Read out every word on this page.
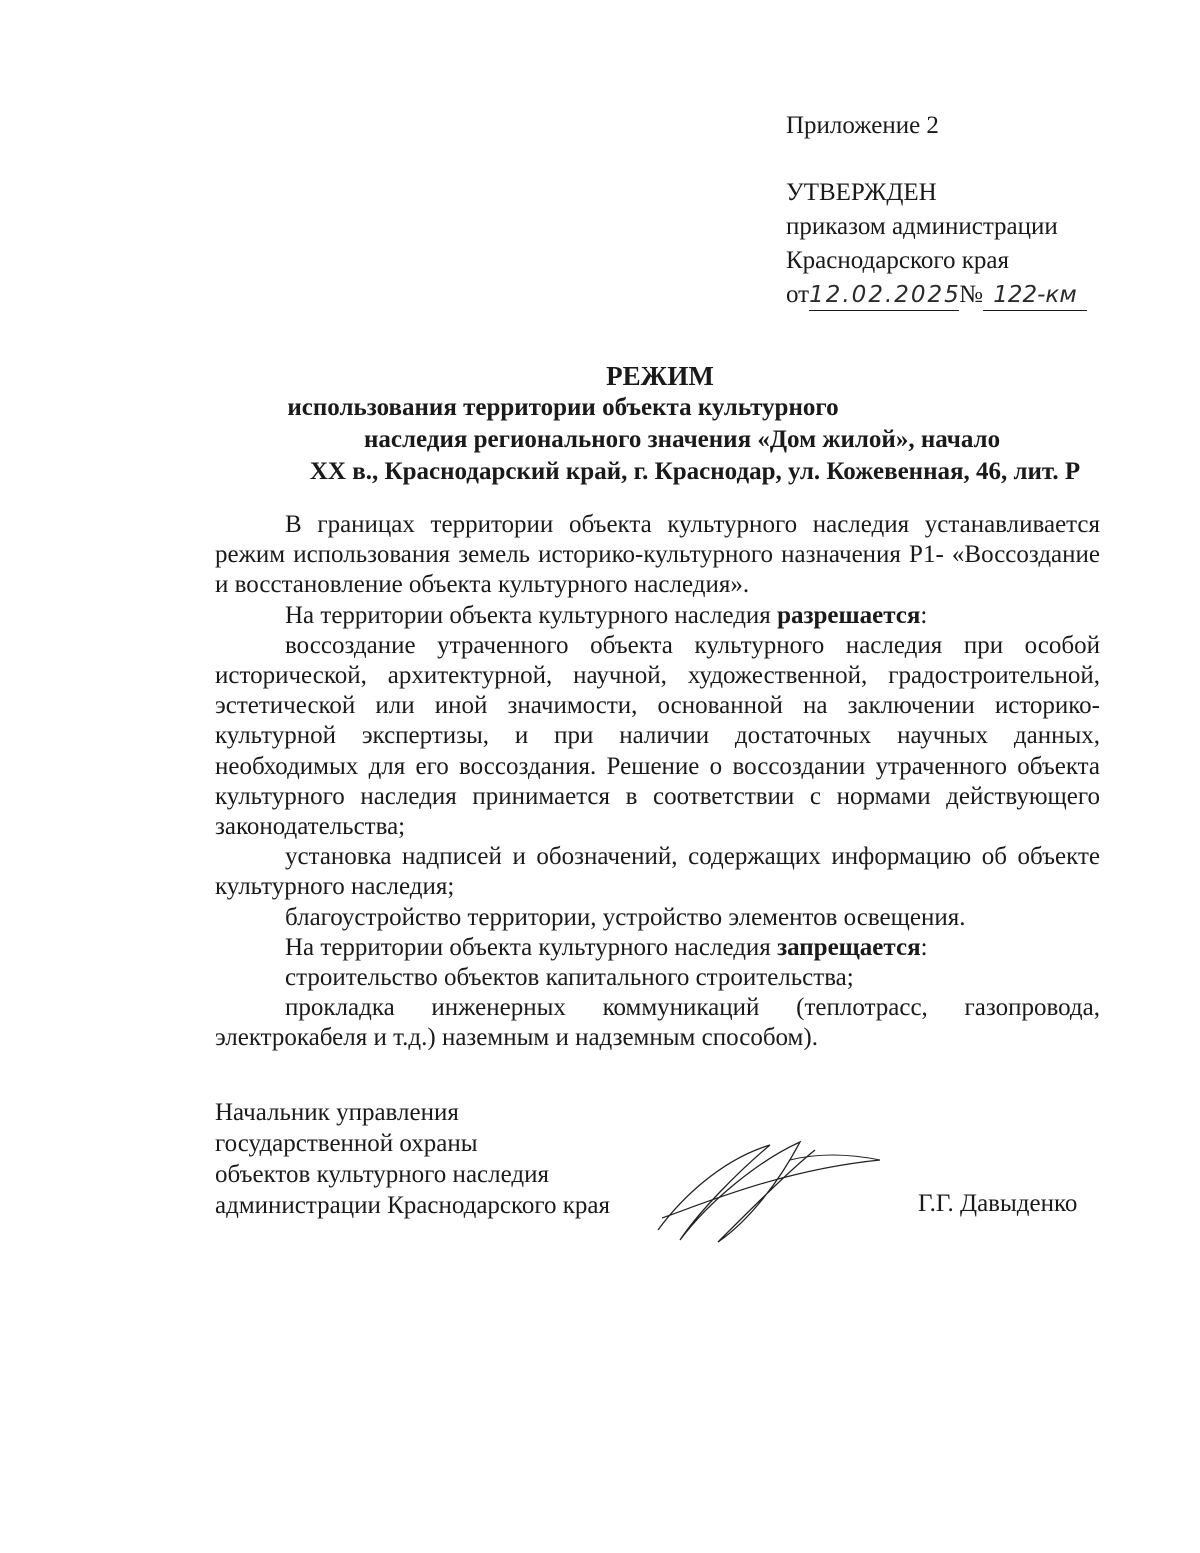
Приложение 2
УТВЕРЖДЕН
приказом администрации
Краснодарского края
от12.02.2025№ 122-км
РЕЖИМ
использования территории объекта культурного
наследия регионального значения «Дом жилой», начало
XX в., Краснодарский край, г. Краснодар, ул. Кожевенная, 46, лит. Р

В границах территории объекта культурного наследия устанавливается режим использования земель историко-культурного назначения Р1- «Воссоздание и восстановление объекта культурного наследия».

На территории объекта культурного наследия разрешается:

воссоздание утраченного объекта культурного наследия при особой исторической, архитектурной, научной, художественной, градостроительной, эстетической или иной значимости, основанной на заключении историко-культурной экспертизы, и при наличии достаточных научных данных, необходимых для его воссоздания. Решение о воссоздании утраченного объекта культурного наследия принимается в соответствии с нормами действующего законодательства;

установка надписей и обозначений, содержащих информацию об объекте культурного наследия;

благоустройство территории, устройство элементов освещения.

На территории объекта культурного наследия запрещается:

строительство объектов капитального строительства;

прокладка инженерных коммуникаций (теплотрасс, газопровода, электрокабеля и т.д.) наземным и надземным способом).

Начальник управления
государственной охраны
объектов культурного наследия
администрации Краснодарского края	Г.Г. Давыденко
